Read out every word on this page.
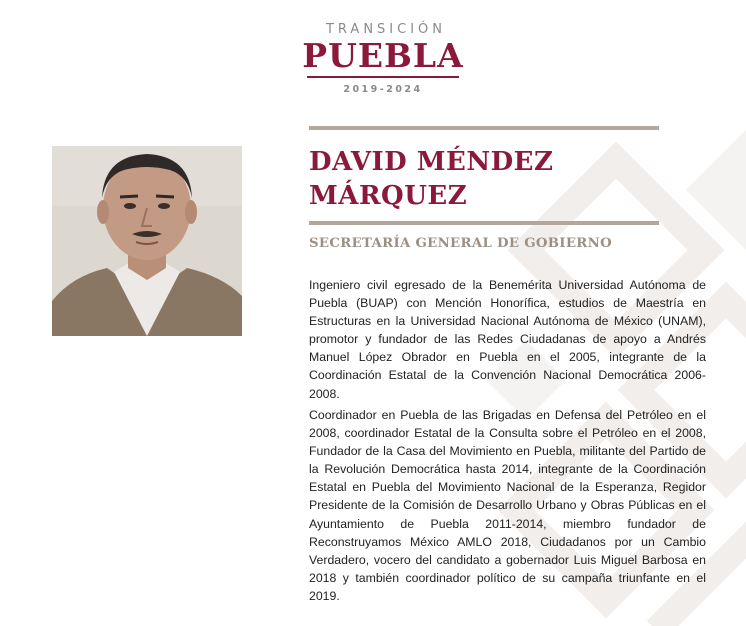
TRANSICIÓN
PUEBLA
2019-2024
DAVID MÉNDEZ MÁRQUEZ
SECRETARÍA GENERAL DE GOBIERNO

Ingeniero civil egresado de la Benemérita Universidad Autónoma de Puebla (BUAP) con Mención Honorífica, estudios de Maestría en Estructuras en la Universidad Nacional Autónoma de México (UNAM), promotor y fundador de las Redes Ciudadanas de apoyo a Andrés Manuel López Obrador en Puebla en el 2005, integrante de la Coordinación Estatal de la Convención Nacional Democrática 2006-2008.

Coordinador en Puebla de las Brigadas en Defensa del Petróleo en el 2008, coordinador Estatal de la Consulta sobre el Petróleo en el 2008, Fundador de la Casa del Movimiento en Puebla, militante del Partido de la Revolución Democrática hasta 2014, integrante de la Coordinación Estatal en Puebla del Movimiento Nacional de la Esperanza, Regidor Presidente de la Comisión de Desarrollo Urbano y Obras Públicas en el Ayuntamiento de Puebla 2011-2014, miembro fundador de Reconstruyamos México AMLO 2018, Ciudadanos por un Cambio Verdadero, vocero del candidato a gobernador Luis Miguel Barbosa en 2018 y también coordinador político de su campaña triunfante en el 2019.
